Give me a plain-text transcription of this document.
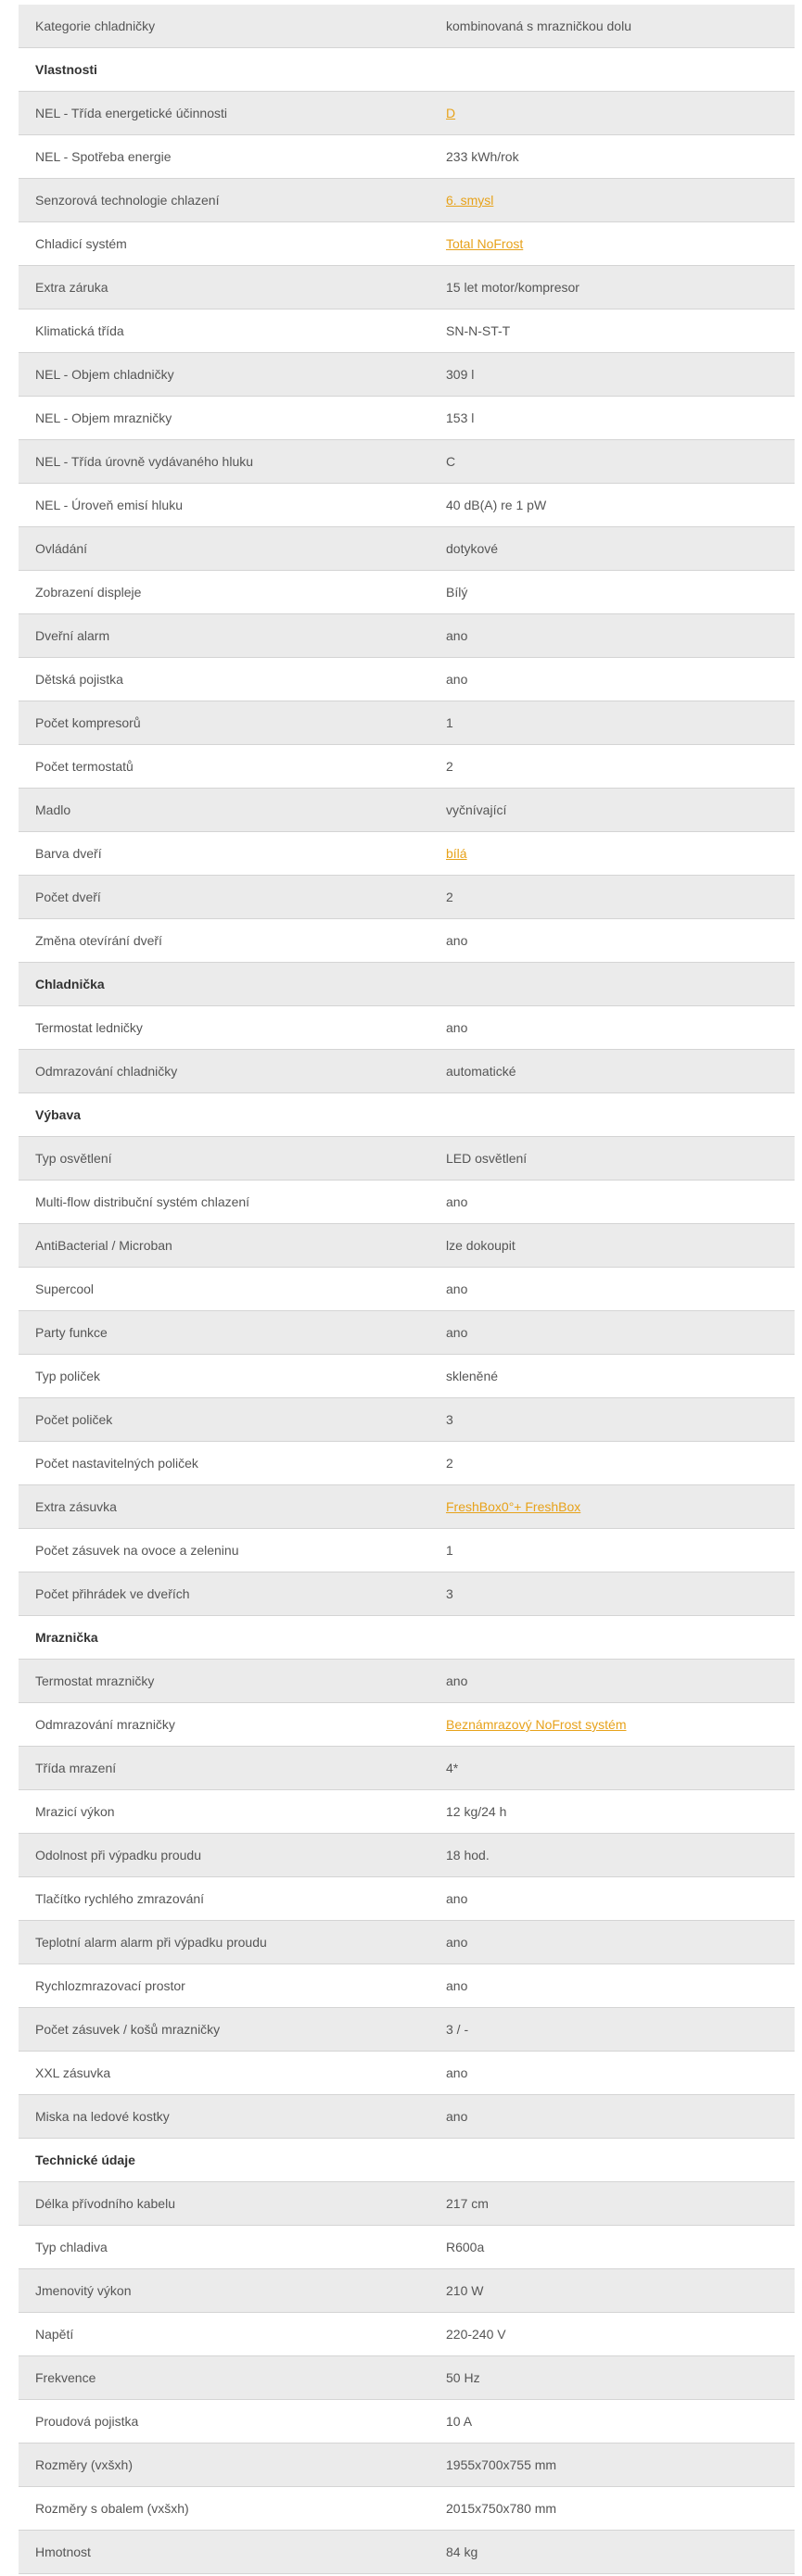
Kategorie chladničky	kombinovaná s mrazničkou dolu
Vlastnosti
NEL - Třída energetické účinnosti	D
NEL - Spotřeba energie	233 kWh/rok
Senzorová technologie chlazení	6. smysl
Chladicí systém	Total NoFrost
Extra záruka	15 let motor/kompresor
Klimatická třída	SN-N-ST-T
NEL - Objem chladničky	309 l
NEL - Objem mrazničky	153 l
NEL - Třída úrovně vydávaného hluku	C
NEL - Úroveň emisí hluku	40 dB(A) re 1 pW
Ovládání	dotykové
Zobrazení displeje	Bílý
Dveřní alarm	ano
Dětská pojistka	ano
Počet kompresorů	1
Počet termostatů	2
Madlo	vyčnívající
Barva dveří	bílá
Počet dveří	2
Změna otevírání dveří	ano
Chladnička
Termostat ledničky	ano
Odmrazování chladničky	automatické
Výbava
Typ osvětlení	LED osvětlení
Multi-flow distribuční systém chlazení	ano
AntiBacterial / Microban	lze dokoupit
Supercool	ano
Party funkce	ano
Typ poliček	skleněné
Počet poliček	3
Počet nastavitelných poliček	2
Extra zásuvka	FreshBox0°+ FreshBox
Počet zásuvek na ovoce a zeleninu	1
Počet přihrádek ve dveřích	3
Mraznička
Termostat mrazničky	ano
Odmrazování mrazničky	Beznámrazový NoFrost systém
Třída mrazení	4*
Mrazicí výkon	12 kg/24 h
Odolnost při výpadku proudu	18 hod.
Tlačítko rychlého zmrazování	ano
Teplotní alarm alarm při výpadku proudu	ano
Rychlozmrazovací prostor	ano
Počet zásuvek / košů mrazničky	3 / -
XXL zásuvka	ano
Miska na ledové kostky	ano
Technické údaje
Délka přívodního kabelu	217 cm
Typ chladiva	R600a
Jmenovitý výkon	210 W
Napětí	220-240 V
Frekvence	50 Hz
Proudová pojistka	10 A
Rozměry (vxšxh)	1955x700x755 mm
Rozměry s obalem (vxšxh)	2015x750x780 mm
Hmotnost	84 kg
